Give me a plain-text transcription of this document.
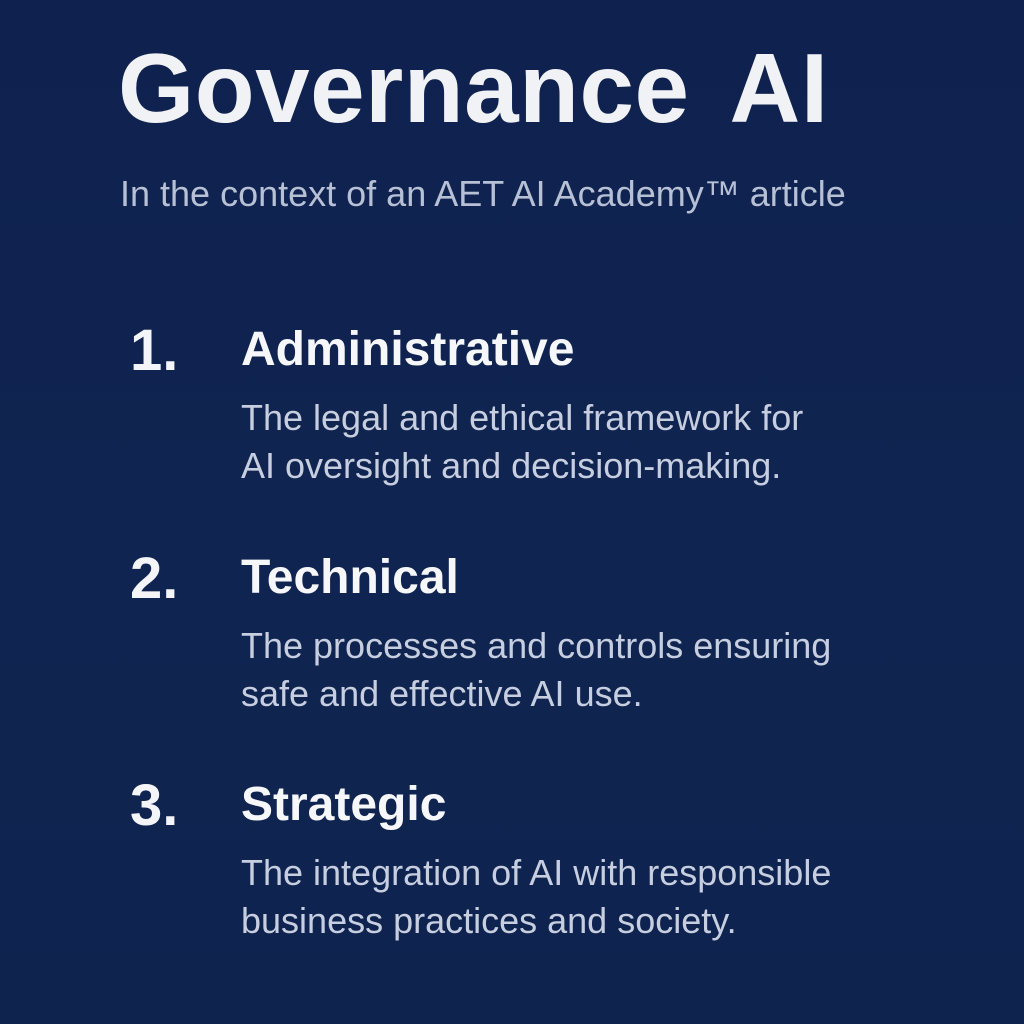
Governance AI
In the context of an AET AI Academy™ article
1. Administrative
The legal and ethical framework for
AI oversight and decision-making.
2. Technical
The processes and controls ensuring
safe and effective AI use.
3. Strategic
The integration of AI with responsible
business practices and society.
